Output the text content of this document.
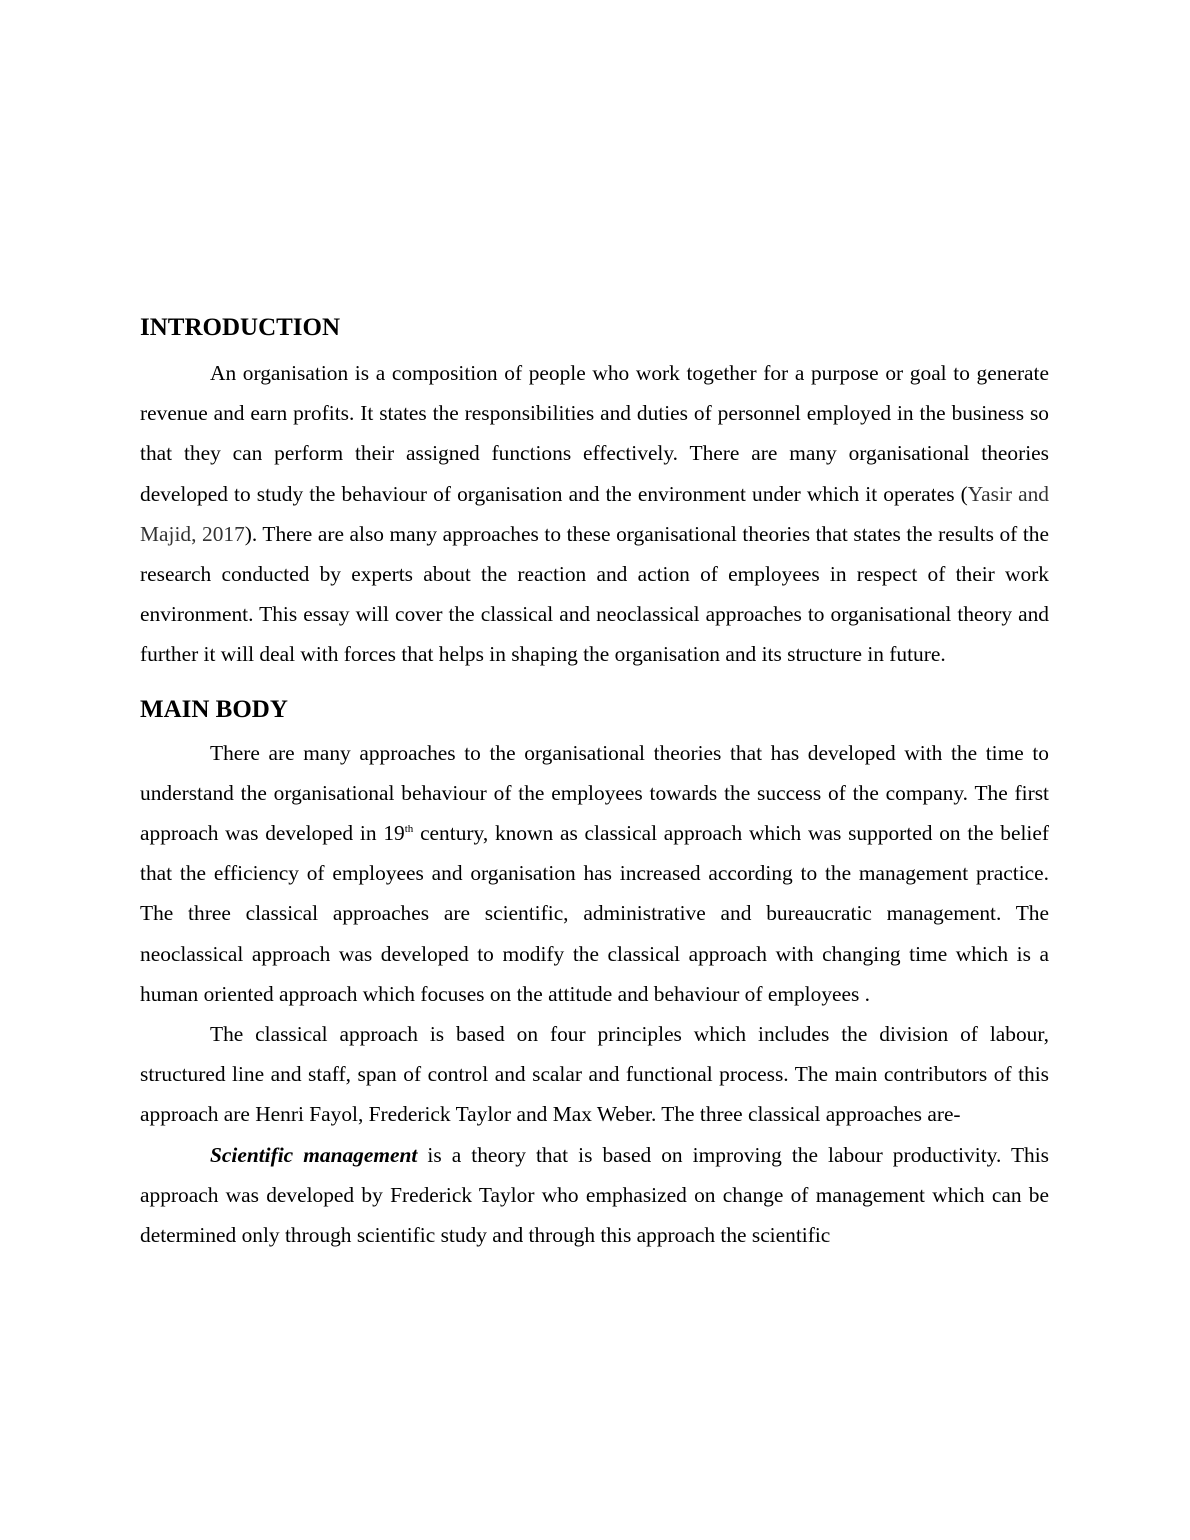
INTRODUCTION

An organisation is a composition of people who work together for a purpose or goal to generate revenue and earn profits. It states the responsibilities and duties of personnel employed in the business so that they can perform their assigned functions effectively. There are many organisational theories developed to study the behaviour of organisation and the environment under which it operates (Yasir and Majid, 2017). There are also many approaches to these organisational theories that states the results of the research conducted by experts about the reaction and action of employees in respect of their work environment. This essay will cover the classical and neoclassical approaches to organisational theory and further it will deal with forces that helps in shaping the organisation and its structure in future.

MAIN BODY

There are many approaches to the organisational theories that has developed with the time to understand the organisational behaviour of the employees towards the success of the company. The first approach was developed in 19th century, known as classical approach which was supported on the belief that the efficiency of employees and organisation has increased according to the management practice. The three classical approaches are scientific, administrative and bureaucratic management. The neoclassical approach was developed to modify the classical approach with changing time which is a human oriented approach which focuses on the attitude and behaviour of employees .

The classical approach is based on four principles which includes the division of labour, structured line and staff, span of control and scalar and functional process. The main contributors of this approach are Henri Fayol, Frederick Taylor and Max Weber. The three classical approaches are-

Scientific management is a theory that is based on improving the labour productivity. This approach was developed by Frederick Taylor who emphasized on change of management which can be determined only through scientific study and through this approach the scientific
